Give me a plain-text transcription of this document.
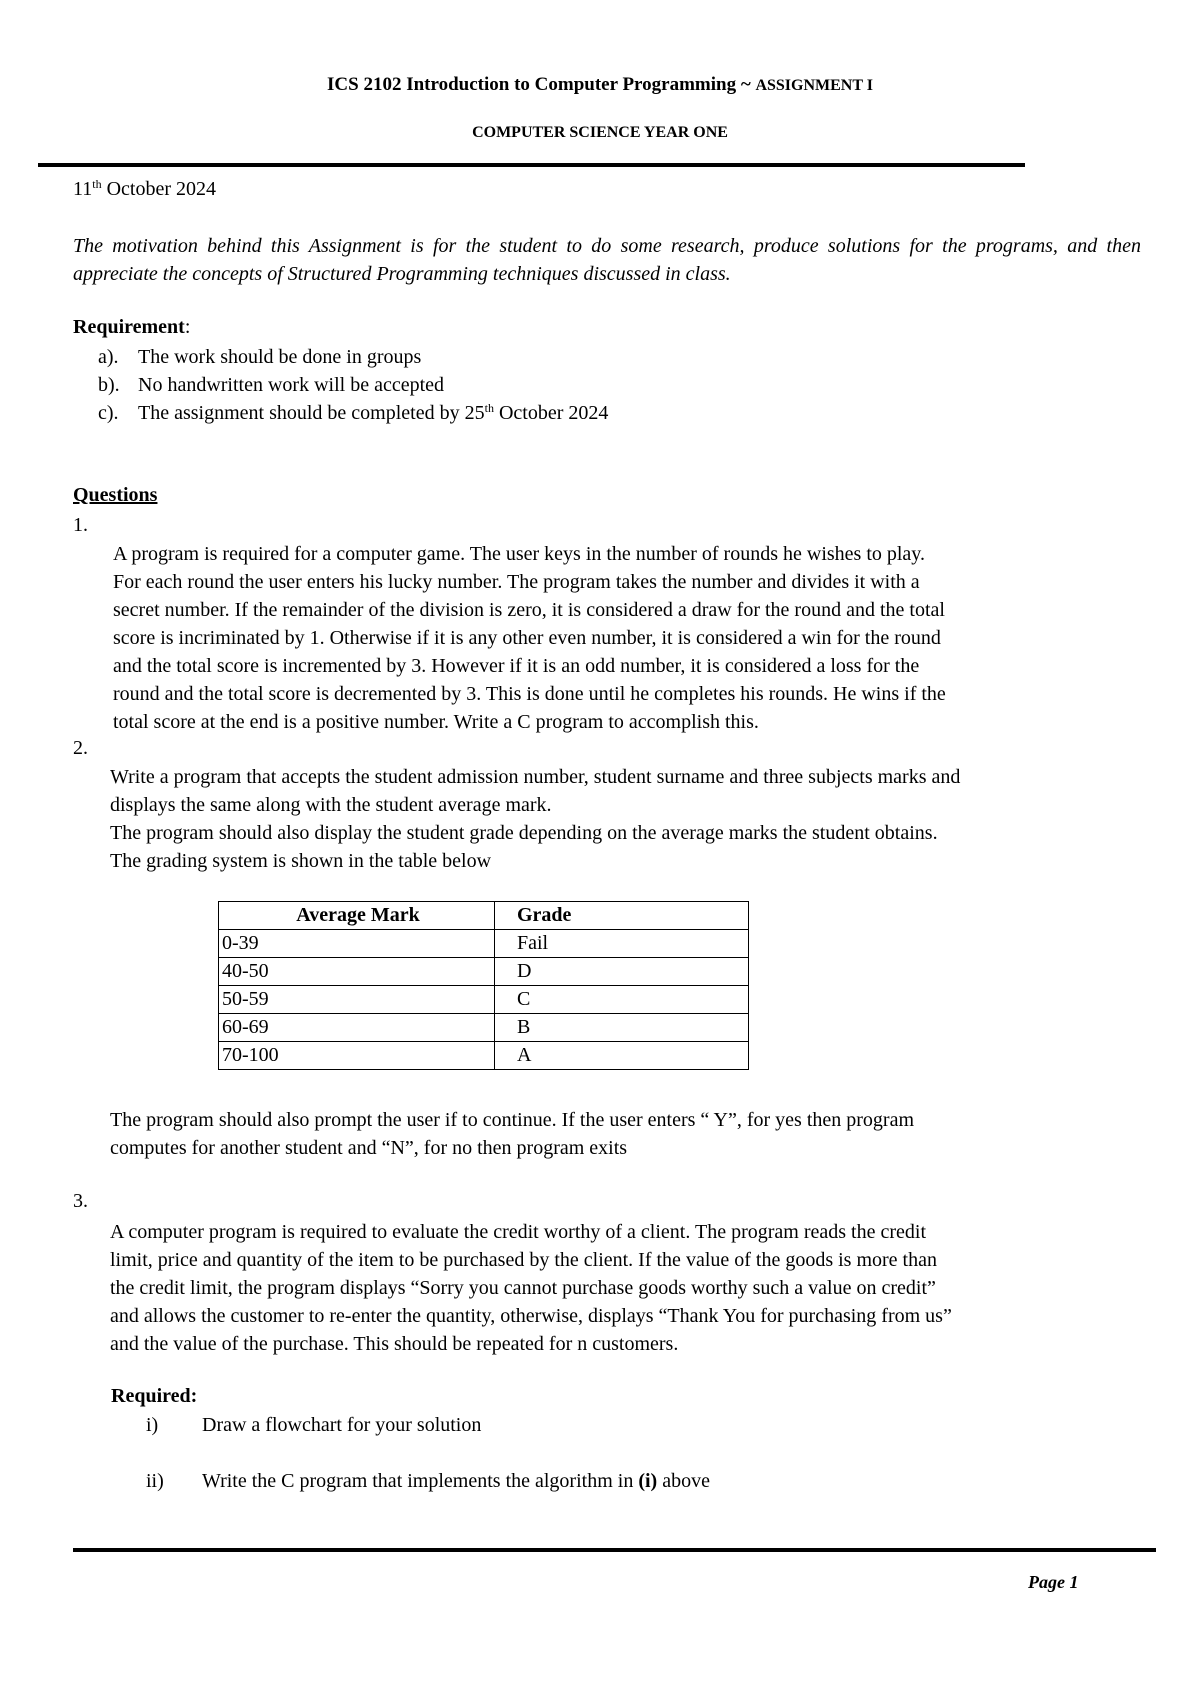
ICS 2102 Introduction to Computer Programming ~ ASSIGNMENT I
COMPUTER SCIENCE YEAR ONE
11th October 2024
The motivation behind this Assignment is for the student to do some research, produce solutions for the programs, and then appreciate the concepts of Structured Programming techniques discussed in class.
Requirement:
a). The work should be done in groups
b). No handwritten work will be accepted
c). The assignment should be completed by 25th October 2024
Questions
1.
A program is required for a computer game. The user keys in the number of rounds he wishes to play.
For each round the user enters his lucky number. The program takes the number and divides it with a
secret number. If the remainder of the division is zero, it is considered a draw for the round and the total
score is incriminated by 1. Otherwise if it is any other even number, it is considered a win for the round
and the total score is incremented by 3. However if it is an odd number, it is considered a loss for the
round and the total score is decremented by 3. This is done until he completes his rounds. He wins if the
total score at the end is a positive number. Write a C program to accomplish this.
2.
Write a program that accepts the student admission number, student surname and three subjects marks and
displays the same along with the student average mark.
The program should also display the student grade depending on the average marks the student obtains.
The grading system is shown in the table below
Average Mark	Grade
0-39	Fail
40-50	D
50-59	C
60-69	B
70-100	A
The program should also prompt the user if to continue. If the user enters “ Y”, for yes then program
computes for another student and “N”, for no then program exits
3.
A computer program is required to evaluate the credit worthy of a client. The program reads the credit
limit, price and quantity of the item to be purchased by the client. If the value of the goods is more than
the credit limit, the program displays “Sorry you cannot purchase goods worthy such a value on credit”
and allows the customer to re-enter the quantity, otherwise, displays “Thank You for purchasing from us”
and the value of the purchase. This should be repeated for n customers.
Required:
i) Draw a flowchart for your solution
ii) Write the C program that implements the algorithm in (i) above
Page 1
